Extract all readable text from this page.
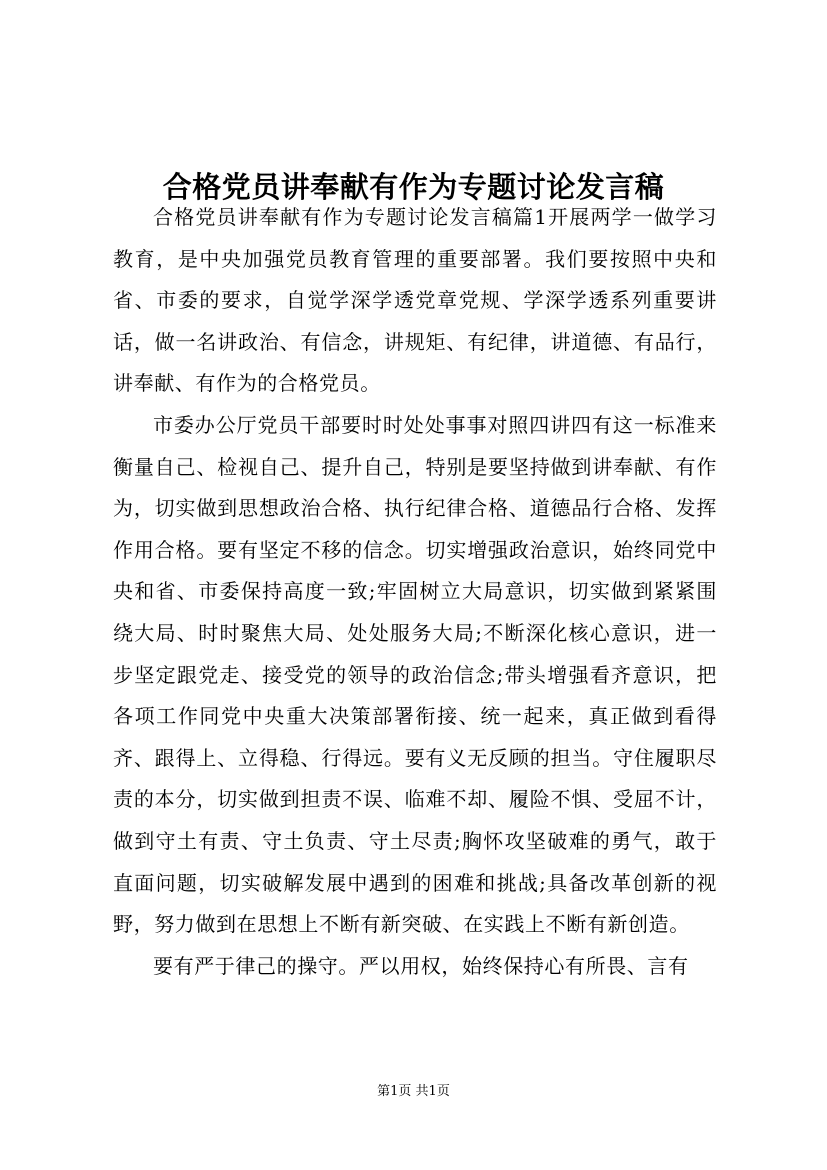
合格党员讲奉献有作为专题讨论发言稿

合格党员讲奉献有作为专题讨论发言稿篇1开展两学一做学习教育，是中央加强党员教育管理的重要部署。我们要按照中央和省、市委的要求，自觉学深学透党章党规、学深学透系列重要讲话，做一名讲政治、有信念，讲规矩、有纪律，讲道德、有品行，讲奉献、有作为的合格党员。

市委办公厅党员干部要时时处处事事对照四讲四有这一标准来衡量自己、检视自己、提升自己，特别是要坚持做到讲奉献、有作为，切实做到思想政治合格、执行纪律合格、道德品行合格、发挥作用合格。要有坚定不移的信念。切实增强政治意识，始终同党中央和省、市委保持高度一致;牢固树立大局意识，切实做到紧紧围绕大局、时时聚焦大局、处处服务大局;不断深化核心意识，进一步坚定跟党走、接受党的领导的政治信念;带头增强看齐意识，把各项工作同党中央重大决策部署衔接、统一起来，真正做到看得齐、跟得上、立得稳、行得远。要有义无反顾的担当。守住履职尽责的本分，切实做到担责不误、临难不却、履险不惧、受屈不计，做到守土有责、守土负责、守土尽责;胸怀攻坚破难的勇气，敢于直面问题，切实破解发展中遇到的困难和挑战;具备改革创新的视野，努力做到在思想上不断有新突破、在实践上不断有新创造。

要有严于律己的操守。严以用权，始终保持心有所畏、言有

第1页 共1页
